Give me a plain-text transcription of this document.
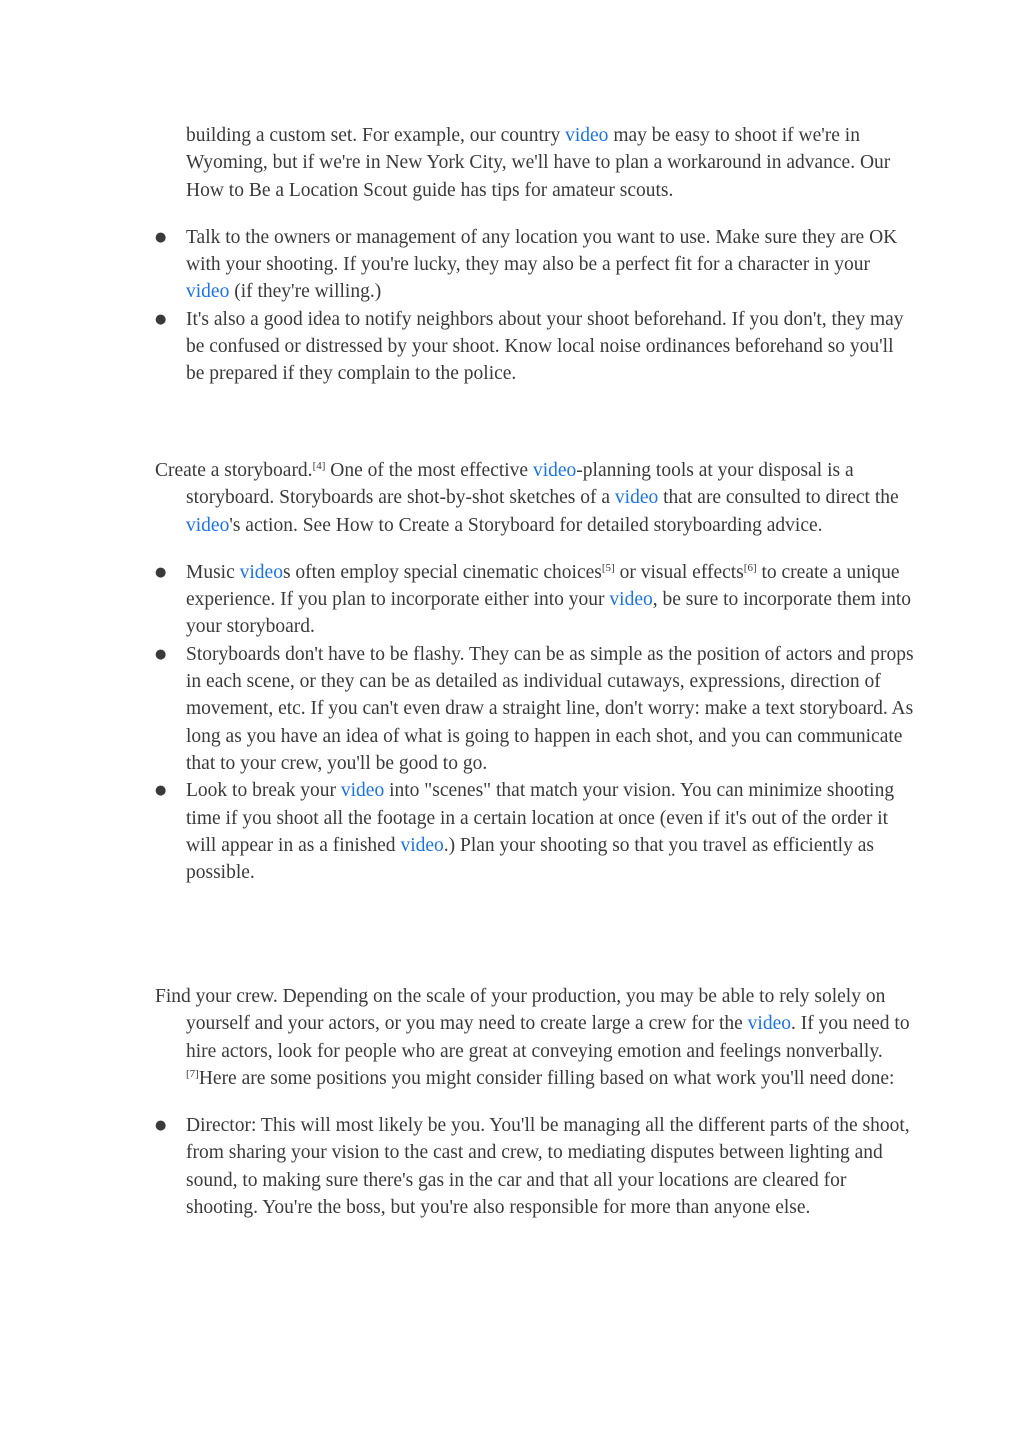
building a custom set. For example, our country video may be easy to shoot if we're in Wyoming, but if we're in New York City, we'll have to plan a workaround in advance. Our How to Be a Location Scout guide has tips for amateur scouts.

● Talk to the owners or management of any location you want to use. Make sure they are OK with your shooting. If you're lucky, they may also be a perfect fit for a character in your video (if they're willing.)
● It's also a good idea to notify neighbors about your shoot beforehand. If you don't, they may be confused or distressed by your shoot. Know local noise ordinances beforehand so you'll be prepared if they complain to the police.

Create a storyboard.[4] One of the most effective video-planning tools at your disposal is a storyboard. Storyboards are shot-by-shot sketches of a video that are consulted to direct the video's action. See How to Create a Storyboard for detailed storyboarding advice.

● Music videos often employ special cinematic choices[5] or visual effects[6] to create a unique experience. If you plan to incorporate either into your video, be sure to incorporate them into your storyboard.
● Storyboards don't have to be flashy. They can be as simple as the position of actors and props in each scene, or they can be as detailed as individual cutaways, expressions, direction of movement, etc. If you can't even draw a straight line, don't worry: make a text storyboard. As long as you have an idea of what is going to happen in each shot, and you can communicate that to your crew, you'll be good to go.
● Look to break your video into "scenes" that match your vision. You can minimize shooting time if you shoot all the footage in a certain location at once (even if it's out of the order it will appear in as a finished video.) Plan your shooting so that you travel as efficiently as possible.

Find your crew. Depending on the scale of your production, you may be able to rely solely on yourself and your actors, or you may need to create large a crew for the video. If you need to hire actors, look for people who are great at conveying emotion and feelings nonverbally.[7]Here are some positions you might consider filling based on what work you'll need done:

● Director: This will most likely be you. You'll be managing all the different parts of the shoot, from sharing your vision to the cast and crew, to mediating disputes between lighting and sound, to making sure there's gas in the car and that all your locations are cleared for shooting. You're the boss, but you're also responsible for more than anyone else.
